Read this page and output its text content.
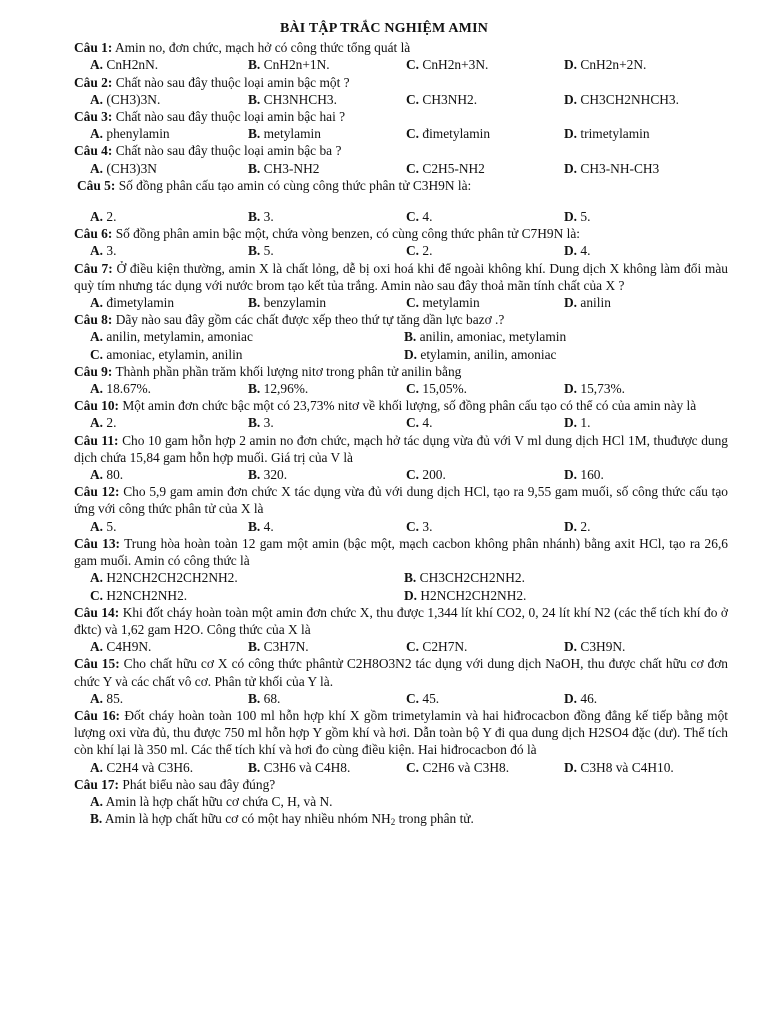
BÀI TẬP TRẮC NGHIỆM AMIN
Câu 1: Amin no, đơn chức, mạch hở có công thức tổng quát là
A. CnH2nN.	B. CnH2n+1N.	C. CnH2n+3N.	D. CnH2n+2N.
Câu 2: Chất nào sau đây thuộc loại amin bậc một ?
A. (CH3)3N.	B. CH3NHCH3.	C. CH3NH2.	D. CH3CH2NHCH3.
Câu 3: Chất nào sau đây thuộc loại amin bậc hai ?
A. phenylamin	B. metylamin	C. đimetylamin	D. trimetylamin
Câu 4: Chất nào sau đây thuộc loại amin bậc ba ?
A. (CH3)3N	B. CH3-NH2	C. C2H5-NH2	D. CH3-NH-CH3
Câu 5: Số đồng phân cấu tạo amin có cùng công thức phân tử C3H9N là:
A. 2.	B. 3.	C. 4.	D. 5.
Câu 6: Số đồng phân amin bậc một, chứa vòng benzen, có cùng công thức phân tử C7H9N là:
A. 3.	B. 5.	C. 2.	D. 4.
Câu 7: Ở điều kiện thường, amin X là chất lỏng, dễ bị oxi hoá khi để ngoài không khí. Dung dịch X không làm đổi màu quỳ tím nhưng tác dụng với nước brom tạo kết tủa trắng. Amin nào sau đây thoả mãn tính chất của X ?
A. đimetylamin	B. benzylamin	C. metylamin	D. anilin
Câu 8: Dãy nào sau đây gồm các chất được xếp theo thứ tự tăng dần lực bazơ .?
A. anilin, metylamin, amoniac	B. anilin, amoniac, metylamin
C. amoniac, etylamin, anilin	D. etylamin, anilin, amoniac
Câu 9: Thành phần phần trăm khối lượng nitơ trong phân tử anilin bằng
A. 18.67%.	B. 12,96%.	C. 15,05%.	D. 15,73%.
Câu 10: Một amin đơn chức bậc một có 23,73% nitơ về khối lượng, số đồng phân cấu tạo có thể có của amin này là
A. 2.	B. 3.	C. 4.	D. 1.
Câu 11: Cho 10 gam hỗn hợp 2 amin no đơn chức, mạch hở tác dụng vừa đủ với V ml dung dịch HCl 1M, thuđược dung dịch chứa 15,84 gam hỗn hợp muối. Giá trị của V là
A. 80.	B. 320.	C. 200.	D. 160.
Câu 12: Cho 5,9 gam amin đơn chức X tác dụng vừa đủ với dung dịch HCl, tạo ra 9,55 gam muối, số công thức cấu tạo ứng với công thức phân tử của X là
A. 5.	B. 4.	C. 3.	D. 2.
Câu 13: Trung hòa hoàn toàn 12 gam một amin (bậc một, mạch cacbon không phân nhánh) bằng axit HCl, tạo ra 26,6 gam muối. Amin có công thức là
A. H2NCH2CH2CH2NH2.	B. CH3CH2CH2NH2.
C. H2NCH2NH2.	D. H2NCH2CH2NH2.
Câu 14: Khi đốt cháy hoàn toàn một amin đơn chức X, thu được 1,344 lít khí CO2, 0, 24 lít khí N2 (các thể tích khí đo ở đktc) và 1,62 gam H2O. Công thức của X là
A. C4H9N.	B. C3H7N.	C. C2H7N.	D. C3H9N.
Câu 15: Cho chất hữu cơ X có công thức phântử C2H8O3N2 tác dụng với dung dịch NaOH, thu được chất hữu cơ đơn chức Y và các chất vô cơ. Phân tử khối của Y là.
A. 85.	B. 68.	C. 45.	D. 46.
Câu 16: Đốt cháy hoàn toàn 100 ml hỗn hợp khí X gồm trimetylamin và hai hiđrocacbon đồng đẳng kế tiếp bằng một lượng oxi vừa đủ, thu được 750 ml hỗn hợp Y gồm khí và hơi. Dẫn toàn bộ Y đi qua dung dịch H2SO4 đặc (dư). Thể tích còn khí lại là 350 ml. Các thể tích khí và hơi đo cùng điều kiện. Hai hiđrocacbon đó là
A. C2H4 và C3H6.	B. C3H6 và C4H8.	C. C2H6 và C3H8.	D. C3H8 và C4H10.
Câu 17: Phát biểu nào sau đây đúng?
A. Amin là hợp chất hữu cơ chứa C, H, và N.
B. Amin là hợp chất hữu cơ có một hay nhiều nhóm $NH_2$ trong phân tử.
